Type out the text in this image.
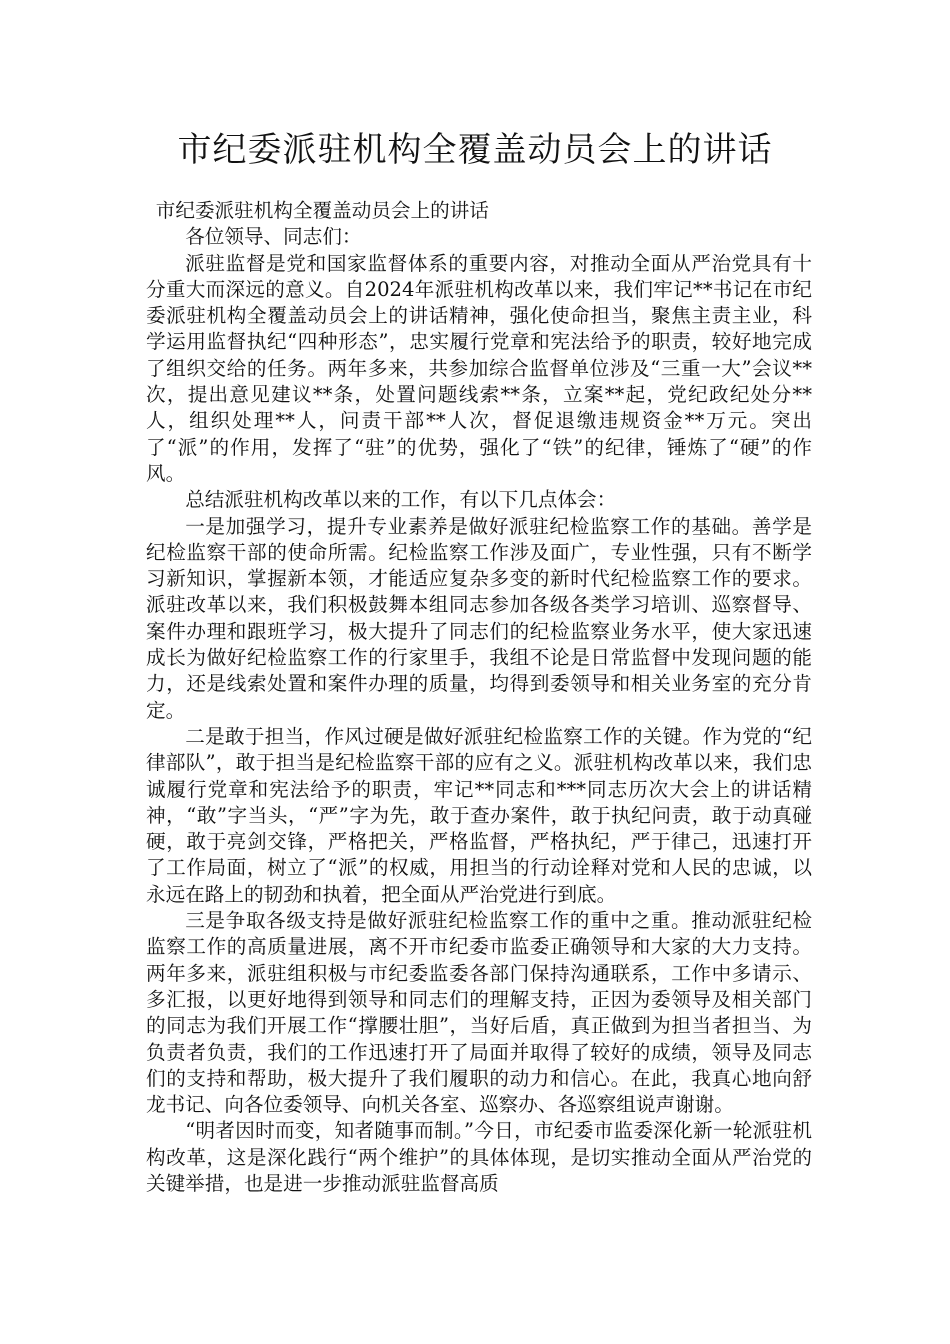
市纪委派驻机构全覆盖动员会上的讲话

市纪委派驻机构全覆盖动员会上的讲话

各位领导、同志们：

派驻监督是党和国家监督体系的重要内容，对推动全面从严治党具有十分重大而深远的意义。自2024年派驻机构改革以来，我们牢记**书记在市纪委派驻机构全覆盖动员会上的讲话精神，强化使命担当，聚焦主责主业，科学运用监督执纪“四种形态”，忠实履行党章和宪法给予的职责，较好地完成了组织交给的任务。两年多来，共参加综合监督单位涉及“三重一大”会议**次，提出意见建议**条，处置问题线索**条，立案**起，党纪政纪处分**人，组织处理**人，问责干部**人次，督促退缴违规资金**万元。突出了“派”的作用，发挥了“驻”的优势，强化了“铁”的纪律，锤炼了“硬”的作风。

总结派驻机构改革以来的工作，有以下几点体会：

一是加强学习，提升专业素养是做好派驻纪检监察工作的基础。善学是纪检监察干部的使命所需。纪检监察工作涉及面广，专业性强，只有不断学习新知识，掌握新本领，才能适应复杂多变的新时代纪检监察工作的要求。派驻改革以来，我们积极鼓舞本组同志参加各级各类学习培训、巡察督导、案件办理和跟班学习，极大提升了同志们的纪检监察业务水平，使大家迅速成长为做好纪检监察工作的行家里手，我组不论是日常监督中发现问题的能力，还是线索处置和案件办理的质量，均得到委领导和相关业务室的充分肯定。

二是敢于担当，作风过硬是做好派驻纪检监察工作的关键。作为党的“纪律部队”，敢于担当是纪检监察干部的应有之义。派驻机构改革以来，我们忠诚履行党章和宪法给予的职责，牢记**同志和***同志历次大会上的讲话精神，“敢”字当头，“严”字为先，敢于查办案件，敢于执纪问责，敢于动真碰硬，敢于亮剑交锋，严格把关，严格监督，严格执纪，严于律己，迅速打开了工作局面，树立了“派”的权威，用担当的行动诠释对党和人民的忠诚，以永远在路上的韧劲和执着，把全面从严治党进行到底。

三是争取各级支持是做好派驻纪检监察工作的重中之重。推动派驻纪检监察工作的高质量进展，离不开市纪委市监委正确领导和大家的大力支持。两年多来，派驻组积极与市纪委监委各部门保持沟通联系，工作中多请示、多汇报，以更好地得到领导和同志们的理解支持，正因为委领导及相关部门的同志为我们开展工作“撑腰壮胆”，当好后盾，真正做到为担当者担当、为负责者负责，我们的工作迅速打开了局面并取得了较好的成绩，领导及同志们的支持和帮助，极大提升了我们履职的动力和信心。在此，我真心地向舒龙书记、向各位委领导、向机关各室、巡察办、各巡察组说声谢谢。

“明者因时而变，知者随事而制。”今日，市纪委市监委深化新一轮派驻机构改革，这是深化践行“两个维护”的具体体现，是切实推动全面从严治党的关键举措，也是进一步推动派驻监督高质
